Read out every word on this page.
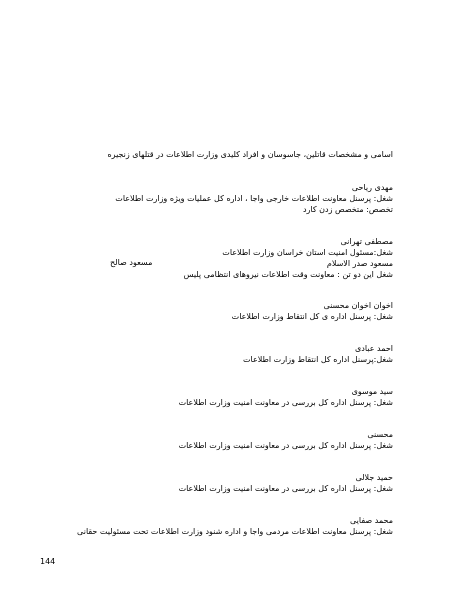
اسامی و مشخصات قاتلین، جاسوسان و افراد کلیدی وزارت اطلاعات در قتلهای زنجیره
مهدی ریاحی
شغل: پرسنل معاونت اطلاعات خارجی واجا ، اداره کل عملیات ویژه وزارت اطلاعات
تخصص: متخصص زدن کارد
مصطفی تهرانی
شغل:مسئول امنیت استان خراسان وزارت اطلاعات
مسعود صدر الاسلام
شغل این دو تن : معاونت وقت اطلاعات نیروهای انتظامی پلیس
مسعود صالح
اخوان اخوان محسنی
شغل: پرسنل اداره ی کل انتقاط وزارت اطلاعات
احمد عبادی
شغل:پرسنل اداره کل انتقاط وزارت اطلاعات
سید موسوی
شغل: پرسنل اداره کل بررسی در معاونت امنیت وزارت اطلاعات
محسنی
شغل: پرسنل اداره کل بررسی در معاونت امنیت وزارت اطلاعات
حمید جلالی
شغل: پرسنل اداره کل بررسی در معاونت امنیت وزارت اطلاعات
محمد صفایی
شغل: پرسنل معاونت اطلاعات مردمی واجا و اداره شنود وزارت اطلاعات تحت مسئولیت حقانی
144
